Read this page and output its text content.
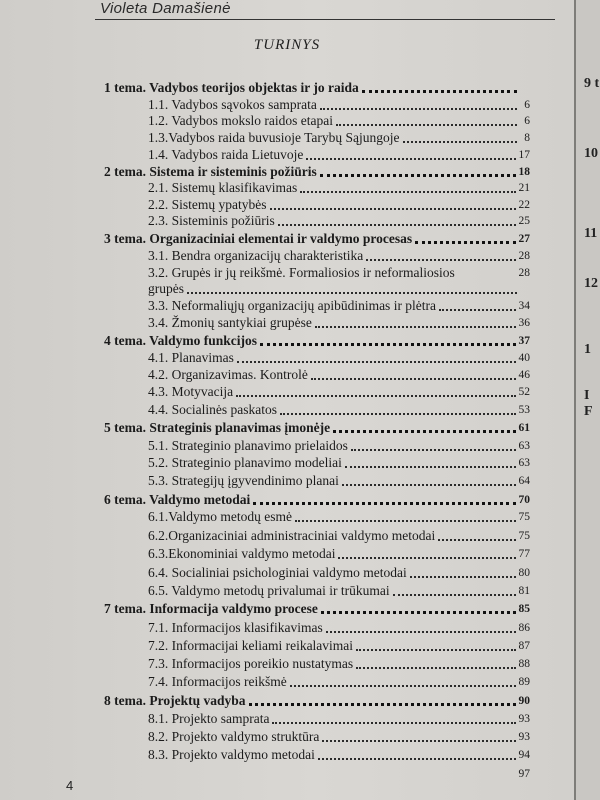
Violeta Damašienė
TURINYS
1 tema. Vadybos teorijos objektas ir jo raida
1.1. Vadybos sąvokos samprata	6
1.2. Vadybos mokslo raidos etapai	6
1.3.Vadybos raida buvusioje Tarybų Sąjungoje	8
1.4. Vadybos raida Lietuvoje	17
2 tema. Sistema ir sisteminis požiūris	18
2.1. Sistemų klasifikavimas	21
2.2. Sistemų ypatybės	22
2.3. Sisteminis požiūris	25
3 tema. Organizaciniai elementai ir valdymo procesas	27
3.1. Bendra organizacijų charakteristika	28
3.2. Grupės ir jų reikšmė. Formaliosios ir neformaliosios	28
grupės
3.3. Neformaliųjų organizacijų apibūdinimas ir plėtra	34
3.4. Žmonių santykiai grupėse	36
4 tema. Valdymo funkcijos	37
4.1. Planavimas	40
4.2. Organizavimas. Kontrolė	46
4.3. Motyvacija	52
4.4. Socialinės paskatos	53
5 tema. Strateginis planavimas įmonėje	61
5.1. Strateginio planavimo prielaidos	63
5.2. Strateginio planavimo modeliai	63
5.3. Strategijų įgyvendinimo planai	64
6 tema. Valdymo metodai	70
6.1.Valdymo metodų esmė	75
6.2.Organizaciniai administraciniai valdymo metodai	75
6.3.Ekonominiai valdymo metodai	77
6.4. Socialiniai psichologiniai valdymo metodai	80
6.5. Valdymo metodų privalumai ir trūkumai	81
7 tema. Informacija valdymo procese	85
7.1. Informacijos klasifikavimas	86
7.2. Informacijai keliami reikalavimai	87
7.3. Informacijos poreikio nustatymas	88
7.4. Informacijos reikšmė	89
8 tema. Projektų vadyba	90
8.1. Projekto samprata	93
8.2. Projekto valdymo struktūra	93
8.3. Projekto valdymo metodai	94
97
4
9 t
10
11
12
1
I
F
